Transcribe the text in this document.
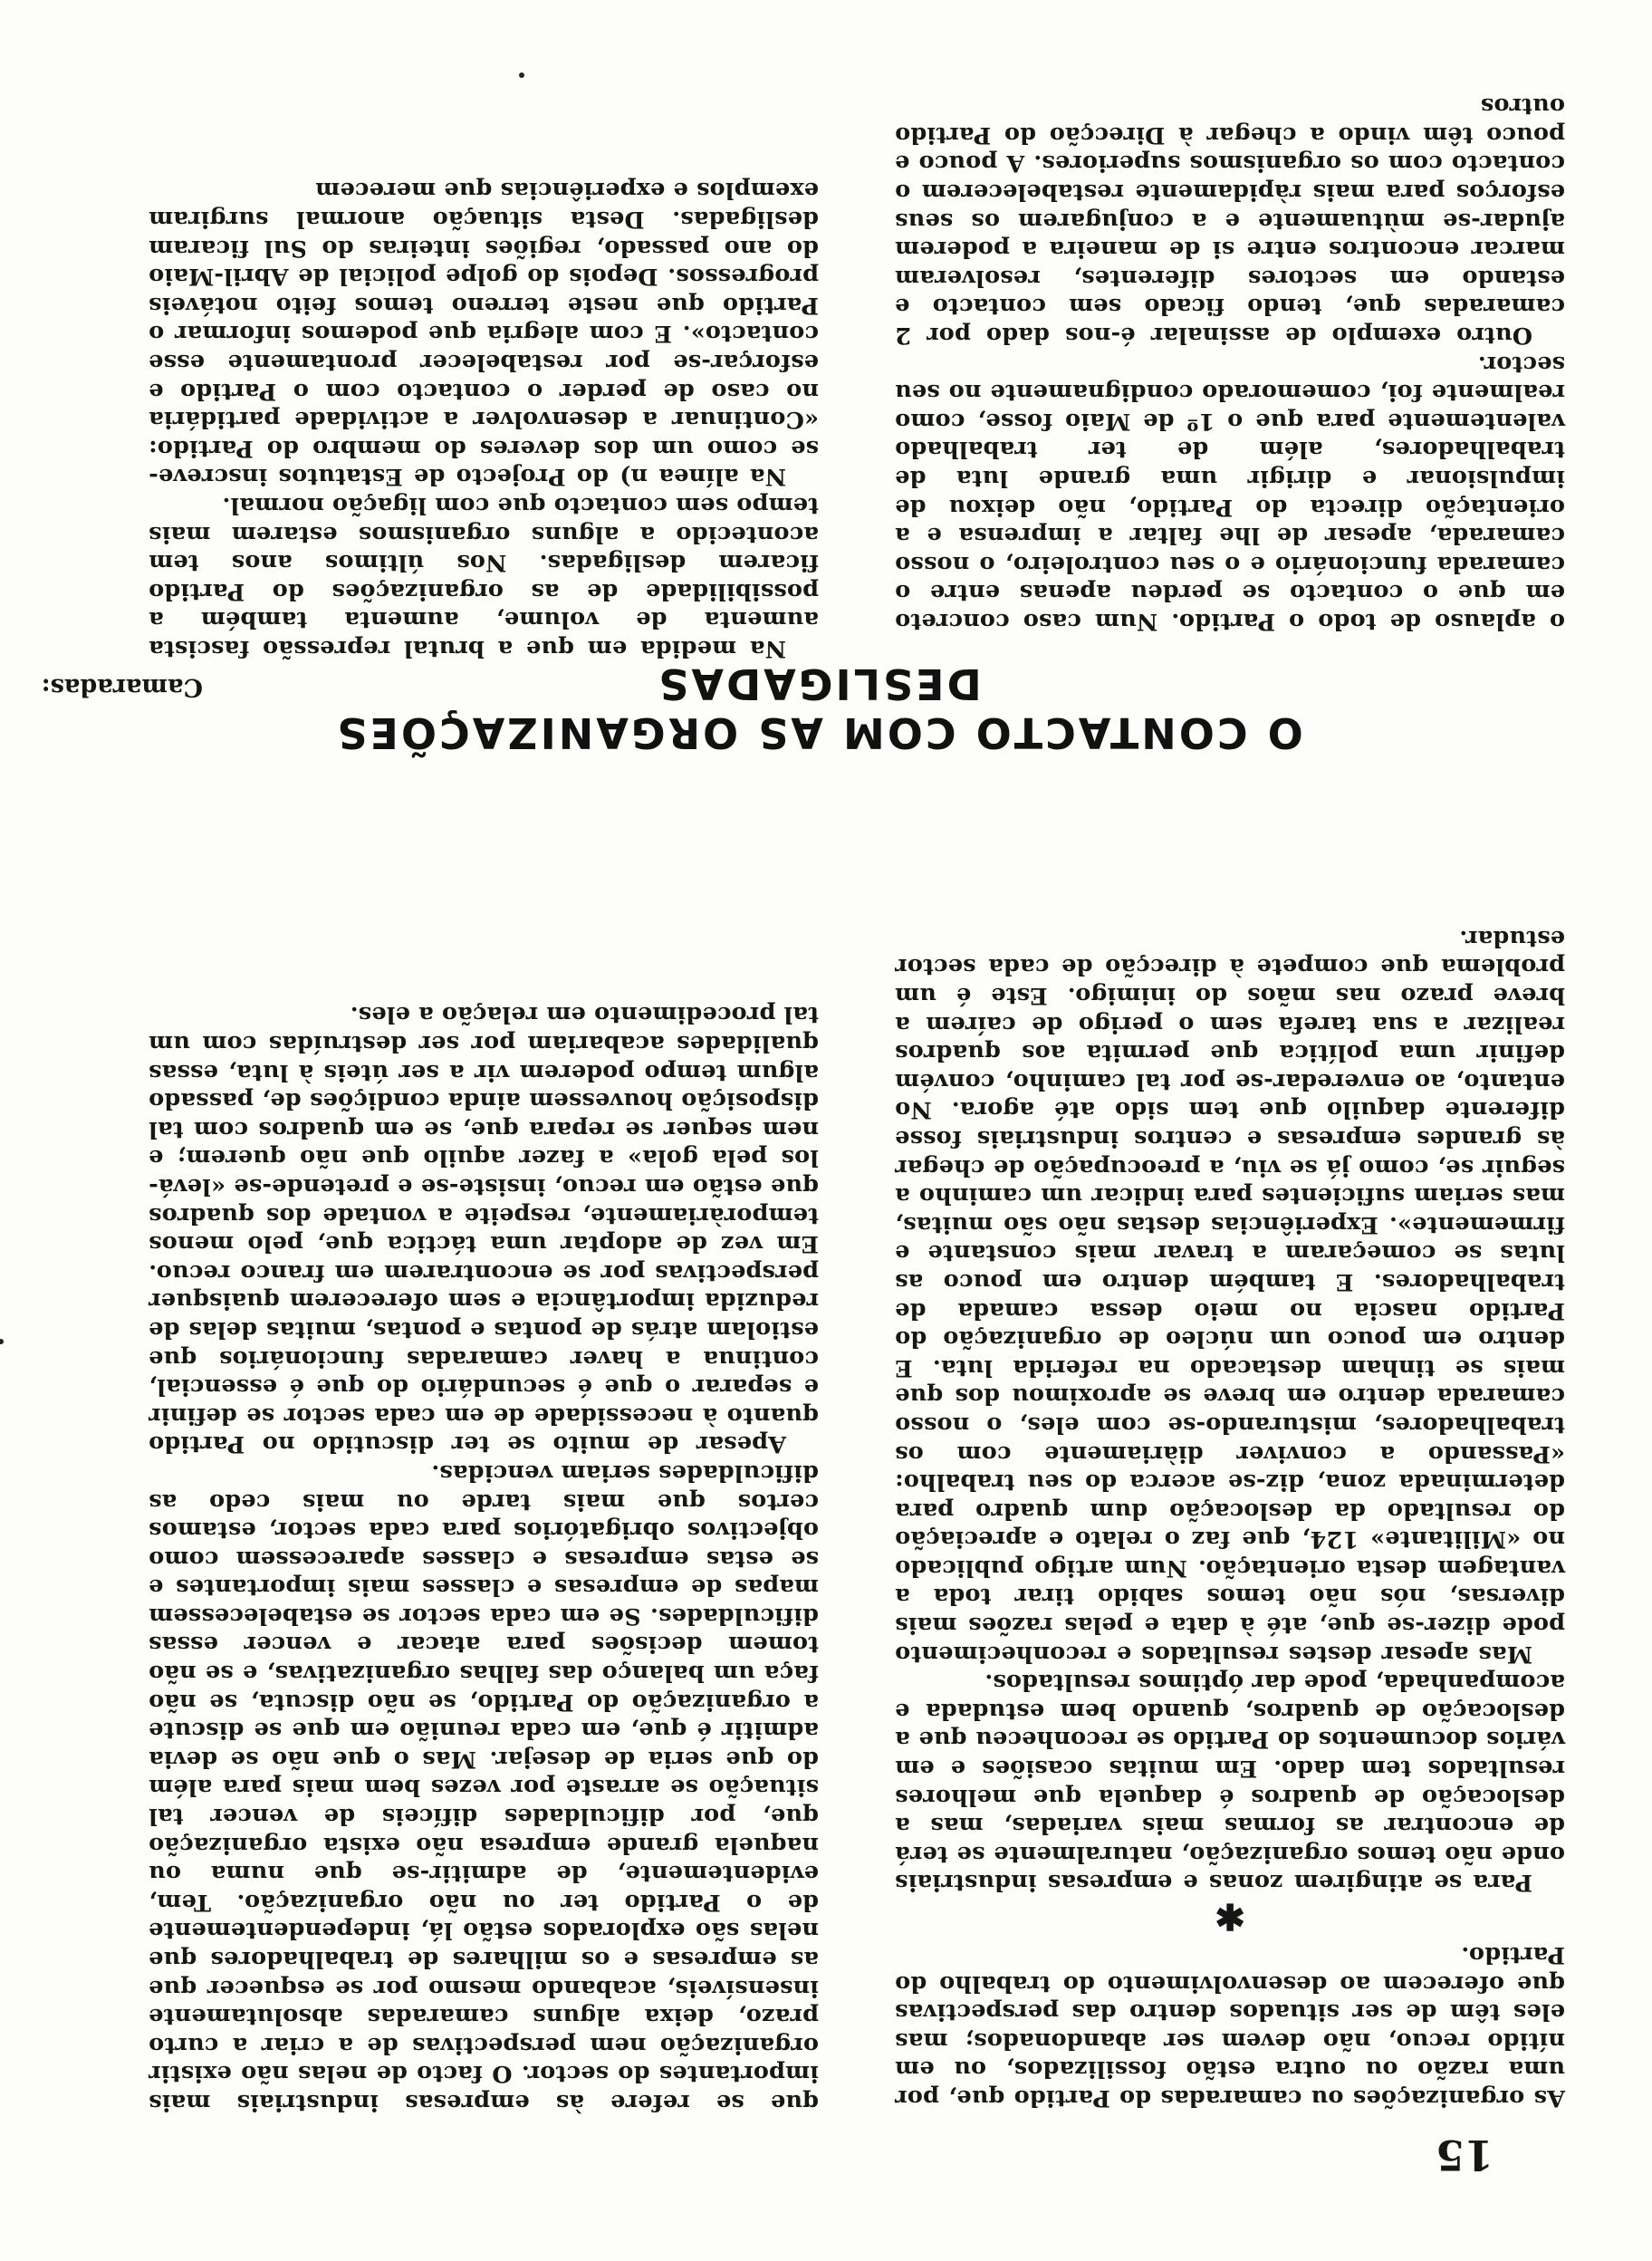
15

As organizações ou camaradas do Partido que, por uma razão ou outra estão fossilizados, ou em nítido recuo, não devem ser abandonados; mas eles têm de ser situados dentro das perspectivas que oferecem ao desenvolvimento do trabalho do Partido.

✱

Para se atingirem zonas e empresas industriais onde não temos organização, naturalmente se terá de encontrar as formas mais variadas, mas a deslocação de quadros é daquela que melhores resultados tem dado. Em muitas ocasiões e em vários documentos do Partido se reconheceu que a deslocação de quadros, quando bem estudada e acompanhada, pode dar óptimos resultados.

Mas apesar destes resultados e reconhecimento pode dizer-se que, até à data e pelas razões mais diversas, nós não temos sabido tirar toda a vantagem desta orientação. Num artigo publicado no «Militante» 124, que faz o relato e apreciação do resultado da deslocação dum quadro para determinada zona, diz-se acerca do seu trabalho: «Passando a conviver diàriamente com os trabalhadores, misturando-se com eles, o nosso camarada dentro em breve se aproximou dos que mais se tinham destacado na referida luta. E dentro em pouco um núcleo de organização do Partido nascia no meio dessa camada de trabalhadores. E também dentro em pouco as lutas se começaram a travar mais constante e firmemente». Experiências destas não são muitas, mas seriam suficientes para indicar um caminho a seguir se, como já se viu, a preocupação de chegar às grandes empresas e centros industriais fosse diferente daquilo que tem sido até agora. No entanto, ao enveredar-se por tal caminho, convém definir uma política que permita aos quadros realizar a sua tarefa sem o perigo de caírem a breve prazo nas mãos do inimigo. Este é um problema que compete à direcção de cada sector estudar.

que se refere às empresas industriais mais importantes do sector. O facto de nelas não existir organização nem perspectivas de a criar a curto prazo, deixa alguns camaradas absolutamente insensíveis, acabando mesmo por se esquecer que as empresas e os milhares de trabalhadores que nelas são explorados estão lá, independentemente de o Partido ter ou não organização. Tem, evidentemente, de admitir-se que numa ou naquela grande empresa não exista organização que, por dificuldades difíceis de vencer tal situação se arraste por vezes bem mais para além do que seria de desejar. Mas o que não se devia admitir é que, em cada reunião em que se discute a organização do Partido, se não discuta, se não faça um balanço das falhas organizativas, e se não tomem decisões para atacar e vencer essas dificuldades. Se em cada sector se estabelecessem mapas de empresas e classes mais importantes e se estas empresas e classes aparecessem como objectivos obrigatórios para cada sector, estamos certos que mais tarde ou mais cedo as dificuldades seriam vencidas.

Apesar de muito se ter discutido no Partido quanto à necessidade de em cada sector se definir e separar o que é secundário do que é essencial, continua a haver camaradas funcionários que estiolam atrás de pontas e pontas, muitas delas de reduzida importância e sem oferecerem quaisquer perspectivas por se encontrarem em franco recuo. Em vez de adoptar uma táctica que, pelo menos temporàriamente, respeite a vontade dos quadros que estão em recuo, insiste-se e pretende-se «levá-los pela gola» a fazer aquilo que não querem; e nem sequer se repara que, se em quadros com tal disposição houvessem ainda condições de, passado algum tempo poderem vir a ser úteis à luta, essas qualidades acabariam por ser destruídas com um tal procedimento em relação a eles.

O CONTACTO COM AS ORGANIZAÇÕES DESLIGADAS
Camaradas:

o aplauso de todo o Partido. Num caso concreto em que o contacto se perdeu apenas entre o camarada funcionário e o seu controleiro, o nosso camarada, apesar de lhe faltar a imprensa e a orientação directa do Partido, não deixou de impulsionar e dirigir uma grande luta de trabalhadores, além de ter trabalhado valentemente para que o 1º de Maio fosse, como realmente foi, comemorado condignamente no seu sector.

Outro exemplo de assinalar é-nos dado por 2 camaradas que, tendo ficado sem contacto e estando em sectores diferentes, resolveram marcar encontros entre si de maneira a poderem ajudar-se mùtuamente e a conjugarem os seus esforços para mais ràpidamente restabelecerem o contacto com os organismos superiores. A pouco e pouco têm vindo a chegar à Direcção do Partido outros

Na medida em que a brutal repressão fascista aumenta de volume, aumenta também a possibilidade de as organizações do Partido ficarem desligadas. Nos últimos anos tem acontecido a alguns organismos estarem mais tempo sem contacto que com ligação normal.

Na alínea n) do Projecto de Estatutos inscreve-se como um dos deveres do membro do Partido: «Continuar a desenvolver a actividade partidária no caso de perder o contacto com o Partido e esforçar-se por restabelecer prontamente esse contacto». E com alegria que podemos informar o Partido que neste terreno temos feito notáveis progressos. Depois do golpe policial de Abril-Maio do ano passado, regiões inteiras do Sul ficaram desligadas. Desta situação anormal surgiram exemplos e experiências que merecem
